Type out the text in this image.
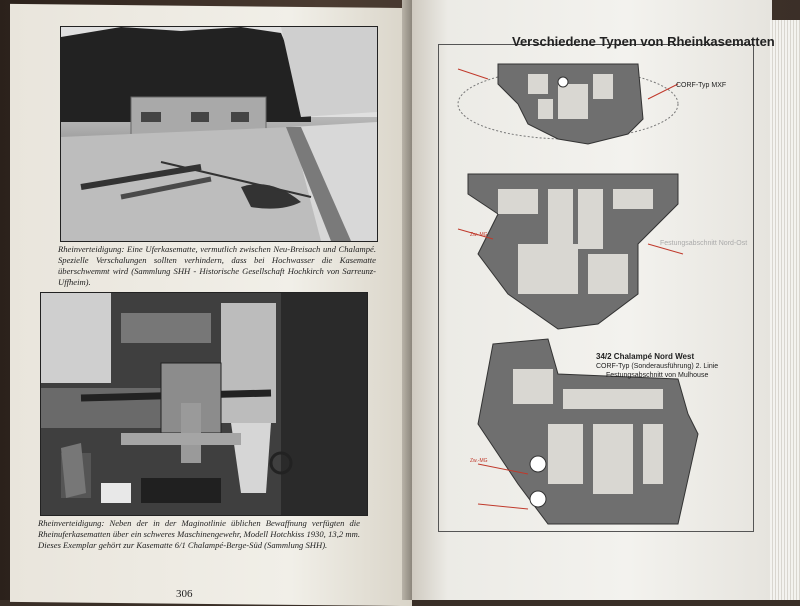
Rheinverteidigung: Eine Uferkasematte, vermutlich zwischen Neu-Breisach und Chalampé. Spezielle Verschalungen sollten verhindern, dass bei Hochwasser die Kasematte überschwemmt wird (Sammlung SHH - Historische Gesellschaft Hochkirch von Sarreunz-Uffheim).
Rheinverteidigung: Neben der in der Maginotlinie üblichen Bewaffnung verfügten die Rheinuferkasematten über ein schweres Maschinengewehr, Modell Hotchkiss 1930, 13,2 mm. Dieses Exemplar gehört zur Kasematte 6/1 Chalampé-Berge-Süd (Sammlung SHH).
306
Verschiedene Typen von Rheinkasematten
CORF-Typ MXF
Festungsabschnitt Nord-Ost
34/2 Chalampé Nord West
CORF-Typ (Sonderausführung) 2. Linie
Festungsabschnitt von Mulhouse
Zw.-MG
Zw.-MG
